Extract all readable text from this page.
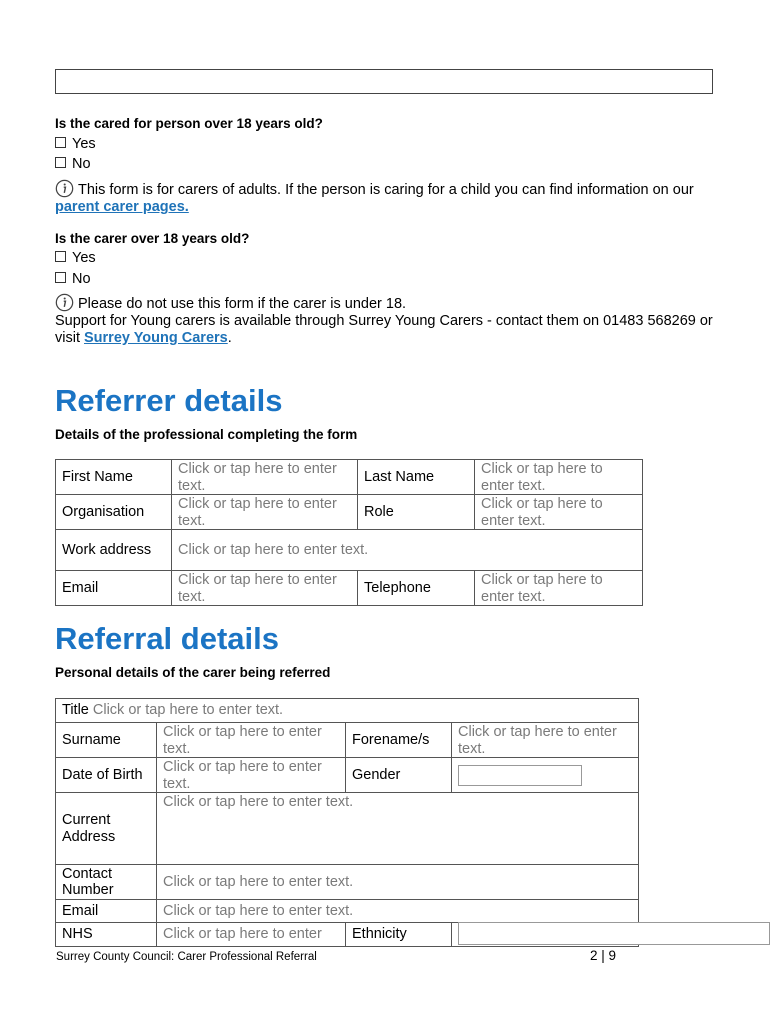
Is the cared for person over 18 years old?
Yes
No
This form is for carers of adults. If the person is caring for a child you can find information on our parent carer pages.
Is the carer over 18 years old?
Yes
No
Please do not use this form if the carer is under 18.
Support for Young carers is available through Surrey Young Carers - contact them on 01483 568269 or visit Surrey Young Carers.
Referrer details
Details of the professional completing the form
First Name	Click or tap here to enter text.	Last Name	Click or tap here to enter text.
Organisation	Click or tap here to enter text.	Role	Click or tap here to enter text.
Work address	Click or tap here to enter text.		
Email	Click or tap here to enter text.	Telephone	Click or tap here to enter text.
Referral details
Personal details of the carer being referred
Title Click or tap here to enter text.			
Surname	Click or tap here to enter text.	Forename/s	Click or tap here to enter text.
Date of Birth	Click or tap here to enter text.	Gender	
Current Address	Click or tap here to enter text.		
Contact Number	Click or tap here to enter text.		
Email	Click or tap here to enter text.		
NHS	Click or tap here to enter	Ethnicity	
Surrey County Council: Carer Professional Referral	2 | 9
